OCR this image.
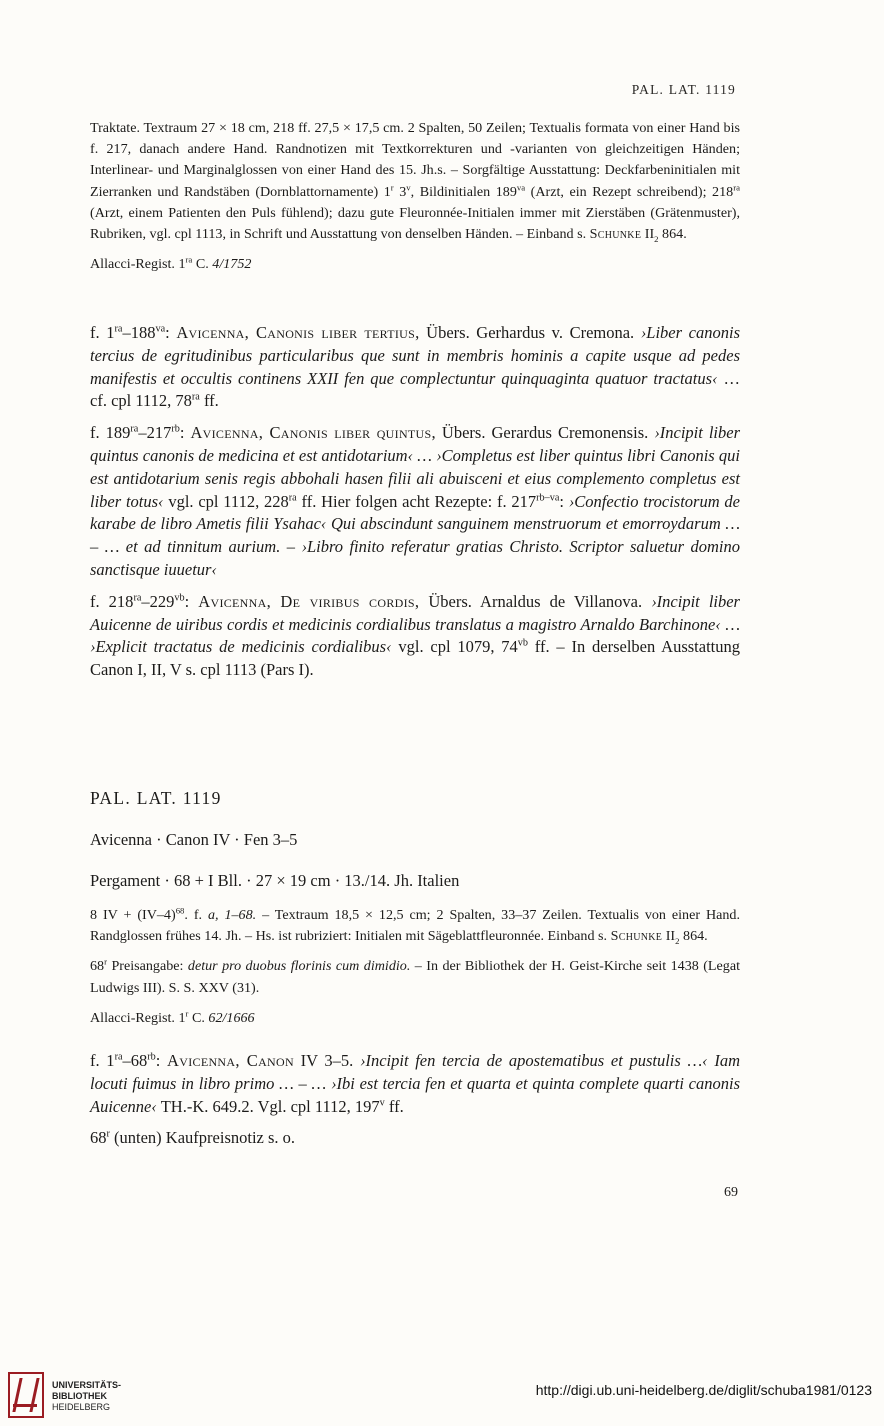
PAL. LAT. 1119

Traktate. Textraum 27 × 18 cm, 218 ff. 27,5 × 17,5 cm. 2 Spalten, 50 Zeilen; Textualis formata von einer Hand bis f. 217, danach andere Hand. Randnotizen mit Textkorrekturen und -varianten von gleichzeitigen Händen; Interlinear- und Marginalglossen von einer Hand des 15. Jh.s. – Sorgfältige Ausstattung: Deckfarbeninitialen mit Zierranken und Randstäben (Dornblattornamente) 1$^r$ 3$^v$, Bildinitialen $189^{va}$ (Arzt, ein Rezept schreibend); $218^{ra}$ (Arzt, einem Patienten den Puls fühlend); dazu gute Fleuronnée-Initialen immer mit Zierstäben (Grätenmuster), Rubriken, vgl. cpl 1113, in Schrift und Ausstattung von denselben Händen. – Einband s. Schunke $II_2$ 864.

Allacci-Regist. $1^{ra}$ C. 4/1752

f. $1^{ra}-188^{va}$: Avicenna, Canonis liber tertius, Übers. Gerhardus v. Cremona. ›Liber canonis tercius de egritudinibus particularibus que sunt in membris hominis a capite usque ad pedes manifestis et occultis continens XXII fen que complectuntur quinquaginta quatuor tractatus‹ … cf. cpl 1112, $78^{ra}$ ff.

f. $189^{ra}-217^{rb}$: Avicenna, Canonis liber quintus, Übers. Gerardus Cremonensis. ›Incipit liber quintus canonis de medicina et est antidotarium‹ … ›Completus est liber quintus libri Canonis qui est antidotarium senis regis abbohali hasen filii ali abuisceni et eius complemento completus est liber totus‹ vgl. cpl 1112, $228^{ra}$ ff. Hier folgen acht Rezepte: f. $217^{rb-va}$: ›Confectio trocistorum de karabe de libro Ametis filii Ysahac‹ Qui abscindunt sanguinem menstruorum et emorroydarum … – … et ad tinnitum aurium. – ›Libro finito referatur gratias Christo. Scriptor saluetur domino sanctisque iuuetur‹

f. $218^{ra}-229^{vb}$: Avicenna, De viribus cordis, Übers. Arnaldus de Villanova. ›Incipit liber Auicenne de uiribus cordis et medicinis cordialibus translatus a magistro Arnaldo Barchinone‹ … ›Explicit tractatus de medicinis cordialibus‹ vgl. cpl 1079, $74^{vb}$ ff. – In derselben Ausstattung Canon I, II, V s. cpl 1113 (Pars I).

PAL. LAT. 1119
Avicenna · Canon IV · Fen 3–5
Pergament · 68 + I Bll. · 27 × 19 cm · 13./14. Jh. Italien

8 IV + $(IV-4)^{68}$. f. a, 1–68. – Textraum 18,5 × 12,5 cm; 2 Spalten, 33–37 Zeilen. Textualis von einer Hand. Randglossen frühes 14. Jh. – Hs. ist rubriziert: Initialen mit Sägeblattfleuronnée. Einband s. Schunke $II_2$ 864.

68$^r$ Preisangabe: detur pro duobus florinis cum dimidio. – In der Bibliothek der H. Geist-Kirche seit 1438 (Legat Ludwigs III). S. S. XXV (31).

Allacci-Regist. 1$^r$ C. 62/1666

f. $1^{ra}-68^{rb}$: Avicenna, Canon IV 3–5. ›Incipit fen tercia de apostematibus et pustulis …‹ Iam locuti fuimus in libro primo … – … ›Ibi est tercia fen et quarta et quinta complete quarti canonis Auicenne‹ TH.-K. 649.2. Vgl. cpl 1112, 197$^v$ ff.

68$^r$ (unten) Kaufpreisnotiz s. o.

69
UNIVERSITÄTS-
BIBLIOTHEK
HEIDELBERG
http://digi.ub.uni-heidelberg.de/diglit/schuba1981/0123
